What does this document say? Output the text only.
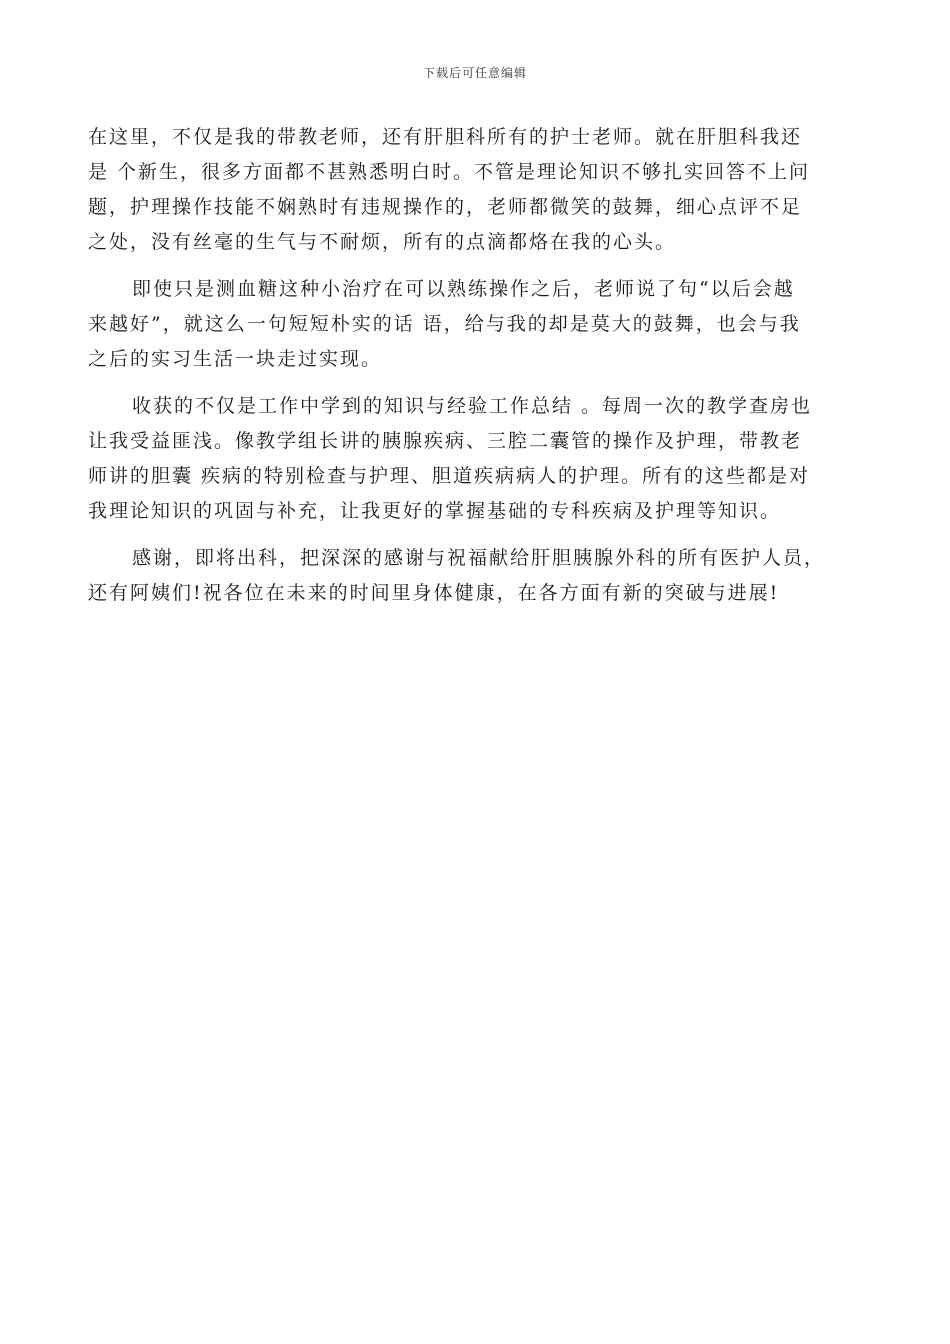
下载后可任意编辑

在这里，不仅是我的带教老师，还有肝胆科所有的护士老师。就在肝胆科我还
是 个新生，很多方面都不甚熟悉明白时。不管是理论知识不够扎实回答不上问
题，护理操作技能不娴熟时有违规操作的，老师都微笑的鼓舞，细心点评不足
之处，没有丝毫的生气与不耐烦，所有的点滴都烙在我的心头。

即使只是测血糖这种小治疗在可以熟练操作之后，老师说了句“以后会越
来越好”，就这么一句短短朴实的话 语，给与我的却是莫大的鼓舞，也会与我
之后的实习生活一块走过实现。

收获的不仅是工作中学到的知识与经验工作总结 。每周一次的教学查房也
让我受益匪浅。像教学组长讲的胰腺疾病、三腔二囊管的操作及护理，带教老
师讲的胆囊 疾病的特别检查与护理、胆道疾病病人的护理。所有的这些都是对
我理论知识的巩固与补充，让我更好的掌握基础的专科疾病及护理等知识。

感谢，即将出科，把深深的感谢与祝福献给肝胆胰腺外科的所有医护人员，
还有阿姨们!祝各位在未来的时间里身体健康，在各方面有新的突破与进展!
